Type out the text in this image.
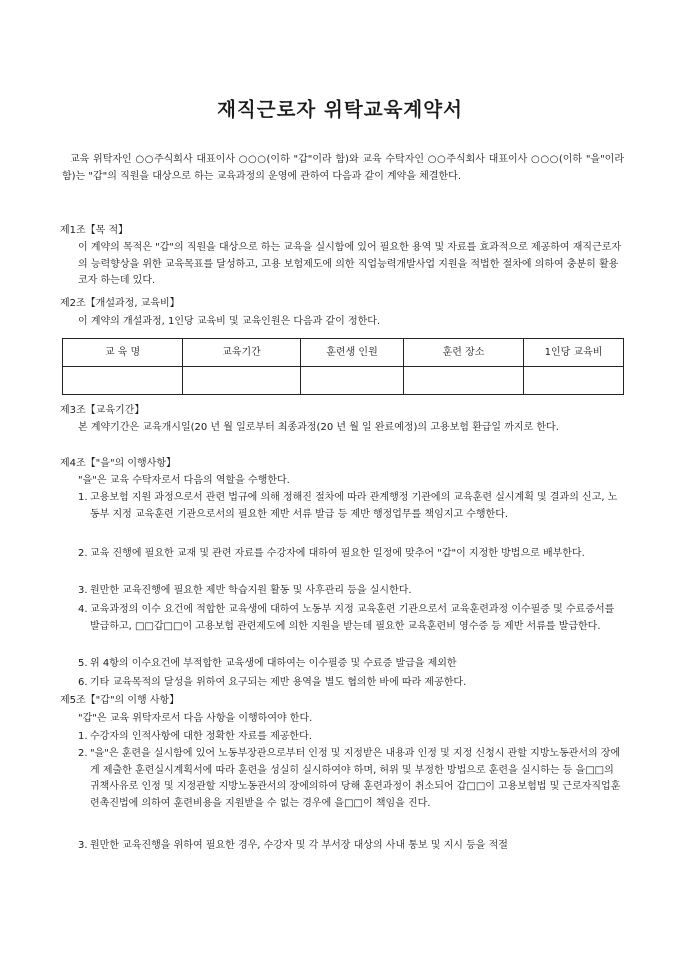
재직근로자 위탁교육계약서
교육 위탁자인 ○○주식회사 대표이사 ○○○(이하 "갑"이라 함)와 교육 수탁자인 ○○주식회사 대표이사 ○○○(이하 "을"이라 함)는 "갑"의 직원을 대상으로 하는 교육과정의 운영에 관하여 다음과 같이 계약을 체결한다.
제1조【목 적】
이 계약의 목적은 "갑"의 직원을 대상으로 하는 교육을 실시함에 있어 필요한 용역 및 자료를 효과적으로 제공하여 재직근로자의 능력향상을 위한 교육목표를 달성하고, 고용 보험제도에 의한 직업능력개발사업 지원을 적법한 절차에 의하여 충분히 활용코자 하는데 있다.
제2조【개설과정, 교육비】
이 계약의 개설과정, 1인당 교육비 및 교육인원은 다음과 같이 정한다.
교 육 명	교육기간	훈련생 인원	훈련 장소	1인당 교육비

제3조【교육기간】
본 계약기간은 교육개시일(20 년 월 일로부터 최종과정(20 년 월 일 완료예정)의 고용보험 환급일 까지로 한다.
제4조【"을"의 이행사항】
"을"은 교육 수탁자로서 다음의 역할을 수행한다.
1. 고용보험 지원 과정으로서 관련 법규에 의해 정해진 절차에 따라 관계행정 기관에의 교육훈련 실시계획 및 결과의 신고, 노동부 지정 교육훈련 기관으로서의 필요한 제반 서류 발급 등 제반 행정업무를 책임지고 수행한다.
2. 교육 진행에 필요한 교재 및 관련 자료를 수강자에 대하여 필요한 일정에 맞추어 "갑"이 지정한 방법으로 배부한다.
3. 원만한 교육진행에 필요한 제반 학습지원 활동 및 사후관리 등을 실시한다.
4. 교육과정의 이수 요건에 적합한 교육생에 대하여 노동부 지정 교육훈련 기관으로서 교육훈련과정 이수필증 및 수료증서를 발급하고, □□갑□□이 고용보험 관련제도에 의한 지원을 받는데 필요한 교육훈련비 영수증 등 제반 서류를 발급한다.
5. 위 4항의 이수요건에 부적합한 교육생에 대하여는 이수필증 및 수료증 발급을 제외한
6. 기타 교육목적의 달성을 위하여 요구되는 제반 용역을 별도 협의한 바에 따라 제공한다.
제5조【"갑"의 이행 사항】
"갑"은 교육 위탁자로서 다음 사항을 이행하여야 한다.
1. 수강자의 인적사항에 대한 정확한 자료를 제공한다.
2. "을"은 훈련을 실시함에 있어 노동부장관으로부터 인정 및 지정받은 내용과 인정 및 지정 신청시 관할 지방노동관서의 장에게 제출한 훈련실시계획서에 따라 훈련을 성실히 실시하여야 하며, 허위 및 부정한 방법으로 훈련을 실시하는 등 을□□의 귀책사유로 인정 및 지정관할 지방노동관서의 장에의하여 당해 훈련과정이 취소되어 갑□□이 고용보험법 및 근로자직업훈련촉진법에 의하여 훈련비용을 지원받을 수 없는 경우에 을□□이 책임을 진다.
3. 원만한 교육진행을 위하여 필요한 경우, 수강자 및 각 부서장 대상의 사내 통보 및 지시 등을 적절
